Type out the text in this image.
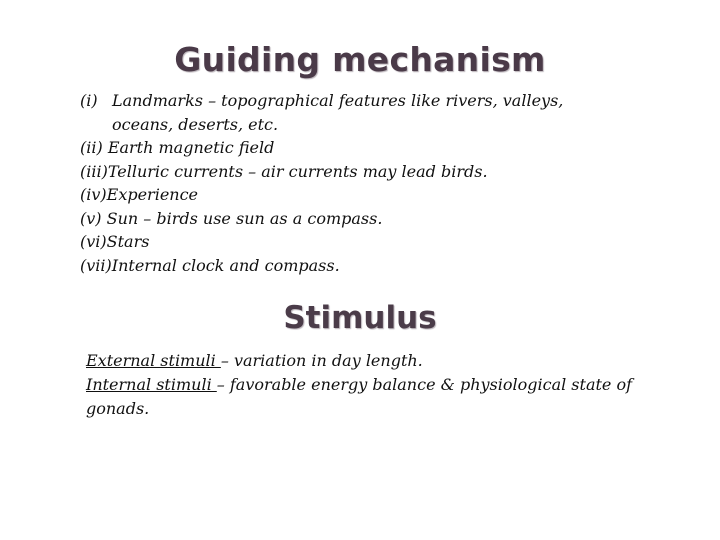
Guiding mechanism
(i) Landmarks – topographical features like rivers, valleys,
oceans, deserts, etc.
(ii) Earth magnetic field
(iii)Telluric currents – air currents may lead birds.
(iv)Experience
(v) Sun – birds use sun as a compass.
(vi)Stars
(vii)Internal clock and compass.
Stimulus

External stimuli – variation in day length.
Internal stimuli – favorable energy balance & physiological state of gonads.
